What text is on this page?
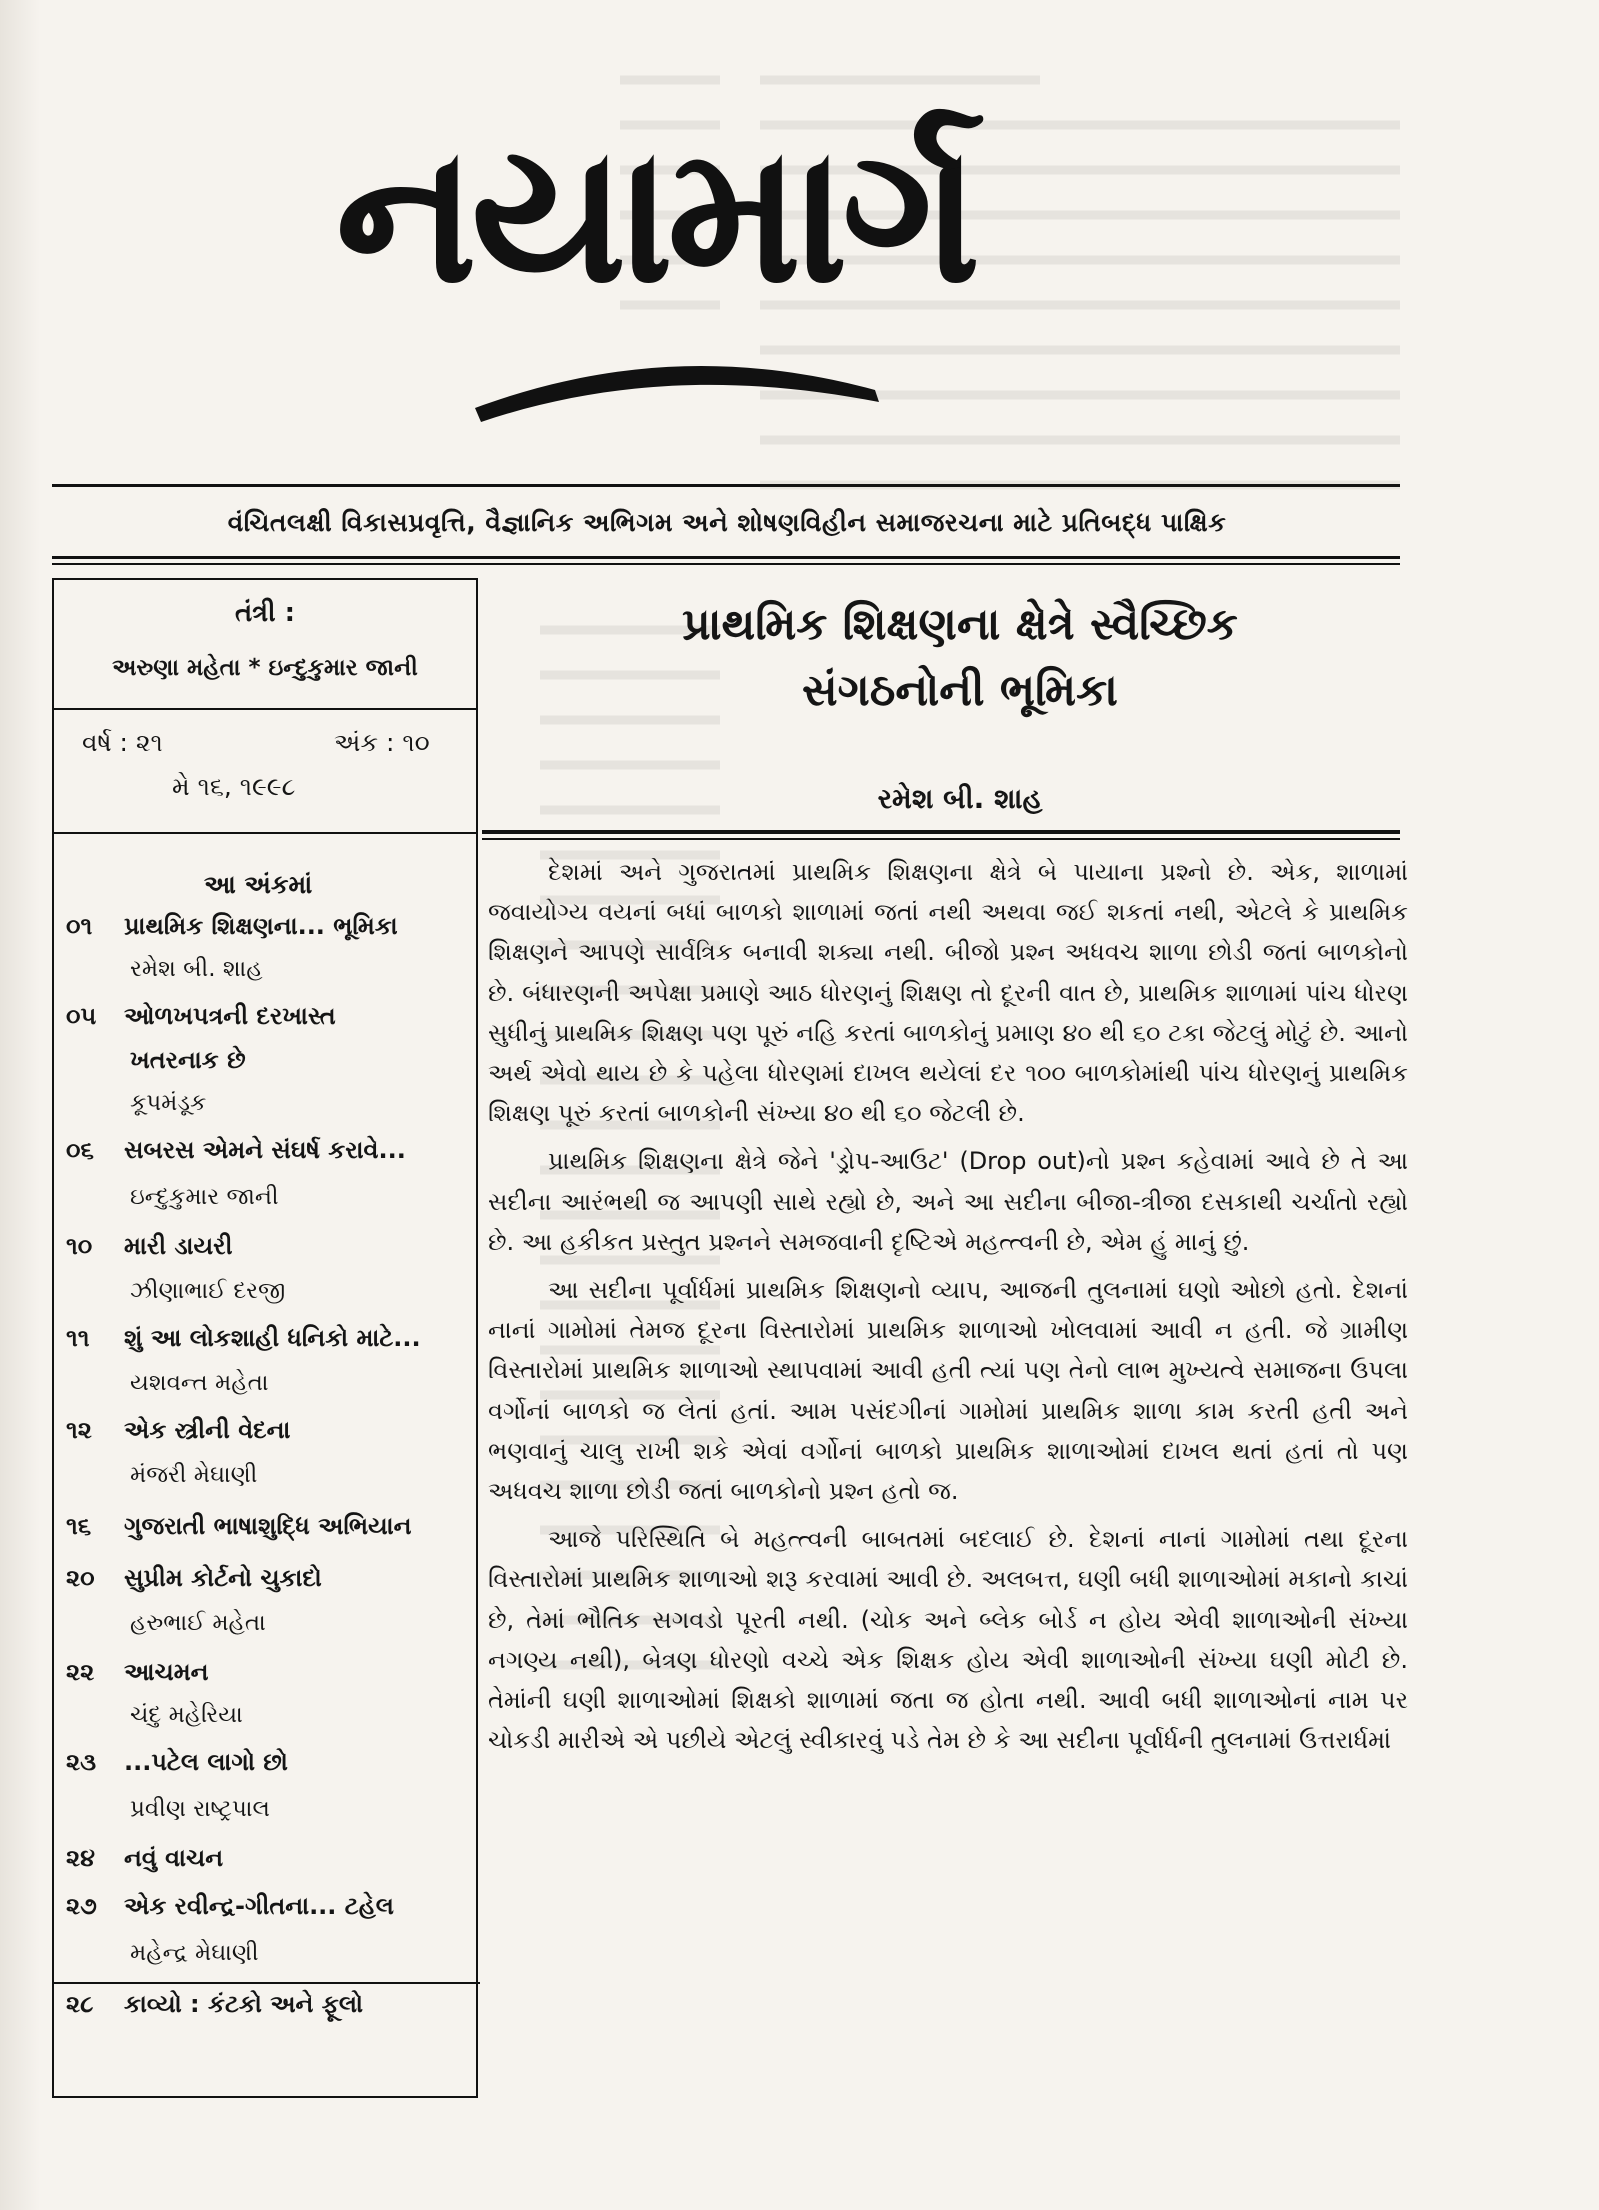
નયામાર્ગ
વંચિતલક્ષી વિકાસપ્રવૃત્તિ, વૈજ્ઞાનિક અભિગમ અને શોષણવિહીન સમાજરચના માટે પ્રતિબદ્ધ પાક્ષિક
તંત્રી :
અરુણા મહેતા * ઇન્દુકુમાર જાની
વર્ષ : ૨૧	અંક : ૧૦
મે ૧૬, ૧૯૯૮
આ અંકમાં
૦૧ પ્રાથમિક શિક્ષણના... ભૂમિકા
રમેશ બી. શાહ
૦૫ ઓળખપત્રની દરખાસ્ત
ખતરનાક છે
કૂપમંડૂક
૦૬ સબરસ એમને સંઘર્ષ કરાવે...
ઇન્દુકુમાર જાની
૧૦ મારી ડાયરી
ઝીણાભાઈ દરજી
૧૧ શું આ લોકશાહી ધનિકો માટે...
યશવન્ત મહેતા
૧૨ એક સ્ત્રીની વેદના
મંજરી મેઘાણી
૧૬ ગુજરાતી ભાષાશુદ્ધિ અભિયાન
૨૦ સુપ્રીમ કોર્ટનો ચુકાદો
હરુભાઈ મહેતા
૨૨ આચમન
ચંદુ મહેરિયા
૨૩ ...પટેલ લાગો છો
પ્રવીણ રાષ્ટ્રપાલ
૨૪ નવું વાચન
૨૭ એક રવીન્દ્ર-ગીતના... ટહેલ
મહેન્દ્ર મેઘાણી
૨૮ કાવ્યો : કંટકો અને ફૂલો
પ્રાથમિક શિક્ષણના ક્ષેત્રે સ્વૈચ્છિક
સંગઠનોની ભૂમિકા
રમેશ બી. શાહ

દેશમાં અને ગુજરાતમાં પ્રાથમિક શિક્ષણના ક્ષેત્રે બે પાયાના પ્રશ્નો છે. એક, શાળામાં જવાયોગ્ય વયનાં બધાં બાળકો શાળામાં જતાં નથી અથવા જઈ શકતાં નથી, એટલે કે પ્રાથમિક શિક્ષણને આપણે સાર્વત્રિક બનાવી શક્યા નથી. બીજો પ્રશ્ન અધવચ શાળા છોડી જતાં બાળકોનો છે. બંધારણની અપેક્ષા પ્રમાણે આઠ ધોરણનું શિક્ષણ તો દૂરની વાત છે, પ્રાથમિક શાળામાં પાંચ ધોરણ સુધીનું પ્રાથમિક શિક્ષણ પણ પૂરું નહિ કરતાં બાળકોનું પ્રમાણ ૪૦ થી ૬૦ ટકા જેટલું મોટું છે. આનો અર્થ એવો થાય છે કે પહેલા ધોરણમાં દાખલ થયેલાં દર ૧૦૦ બાળકોમાંથી પાંચ ધોરણનું પ્રાથમિક શિક્ષણ પૂરું કરતાં બાળકોની સંખ્યા ૪૦ થી ૬૦ જેટલી છે.

પ્રાથમિક શિક્ષણના ક્ષેત્રે જેને 'ડ્રોપ-આઉટ' (Drop out)નો પ્રશ્ન કહેવામાં આવે છે તે આ સદીના આરંભથી જ આપણી સાથે રહ્યો છે, અને આ સદીના બીજા-ત્રીજા દસકાથી ચર્ચાતો રહ્યો છે. આ હકીકત પ્રસ્તુત પ્રશ્નને સમજવાની દૃષ્ટિએ મહત્ત્વની છે, એમ હું માનું છું.

આ સદીના પૂર્વાર્ધમાં પ્રાથમિક શિક્ષણનો વ્યાપ, આજની તુલનામાં ઘણો ઓછો હતો. દેશનાં નાનાં ગામોમાં તેમજ દૂરના વિસ્તારોમાં પ્રાથમિક શાળાઓ ખોલવામાં આવી ન હતી. જે ગ્રામીણ વિસ્તારોમાં પ્રાથમિક શાળાઓ સ્થાપવામાં આવી હતી ત્યાં પણ તેનો લાભ મુખ્યત્વે સમાજના ઉપલા વર્ગોનાં બાળકો જ લેતાં હતાં. આમ પસંદગીનાં ગામોમાં પ્રાથમિક શાળા કામ કરતી હતી અને ભણવાનું ચાલુ રાખી શકે એવાં વર્ગોનાં બાળકો પ્રાથમિક શાળાઓમાં દાખલ થતાં હતાં તો પણ અધવચ શાળા છોડી જતાં બાળકોનો પ્રશ્ન હતો જ.

આજે પરિસ્થિતિ બે મહત્ત્વની બાબતમાં બદલાઈ છે. દેશનાં નાનાં ગામોમાં તથા દૂરના વિસ્તારોમાં પ્રાથમિક શાળાઓ શરૂ કરવામાં આવી છે. અલબત્ત, ઘણી બધી શાળાઓમાં મકાનો કાચાં છે, તેમાં ભૌતિક સગવડો પૂરતી નથી. (ચોક અને બ્લેક બોર્ડ ન હોય એવી શાળાઓની સંખ્યા નગણ્ય નથી), બેત્રણ ધોરણો વચ્ચે એક શિક્ષક હોય એવી શાળાઓની સંખ્યા ઘણી મોટી છે. તેમાંની ઘણી શાળાઓમાં શિક્ષકો શાળામાં જતા જ હોતા નથી. આવી બધી શાળાઓનાં નામ પર ચોકડી મારીએ એ પછીયે એટલું સ્વીકારવું પડે તેમ છે કે આ સદીના પૂર્વાર્ધની તુલનામાં ઉત્તરાર્ધમાં
